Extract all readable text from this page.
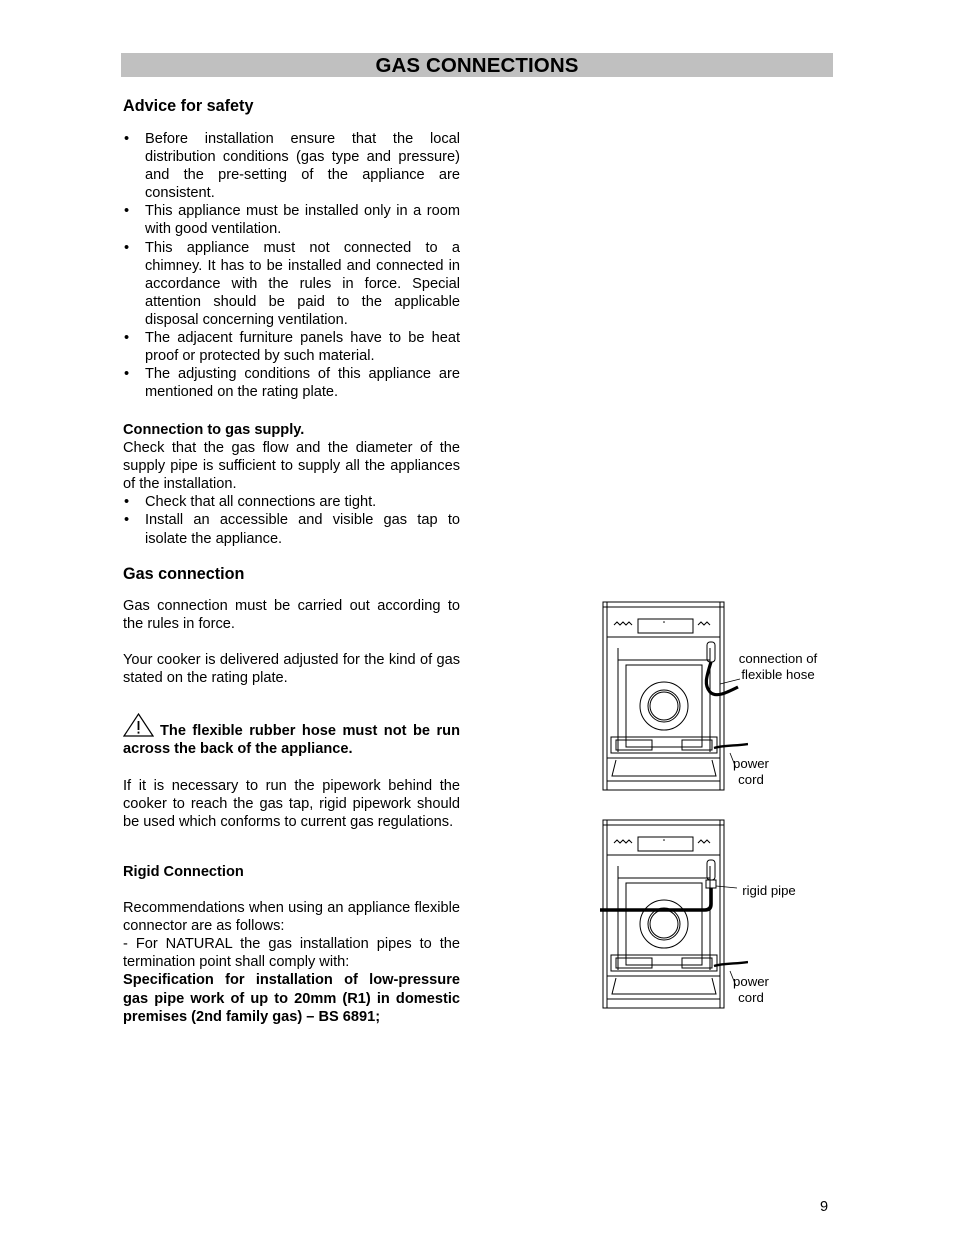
GAS CONNECTIONS
Advice for safety
• Before installation ensure that the local distribution conditions (gas type and pressure) and the pre-setting of the appliance are consistent.
• This appliance must be installed only in a room with good ventilation.
• This appliance must not connected to a chimney. It has to be installed and connected in accordance with the rules in force. Special attention should be paid to the applicable disposal concerning ventilation.
• The adjacent furniture panels have to be heat proof or protected by such material.
• The adjusting conditions of this appliance are mentioned on the rating plate.
Connection to gas supply.
Check that the gas flow and the diameter of the supply pipe is sufficient to supply all the appliances of the installation.
• Check that all connections are tight.
• Install an accessible and visible gas tap to isolate the appliance.
Gas connection
Gas connection must be carried out according to the rules in force.
Your cooker is delivered adjusted for the kind of gas stated on the rating plate.
The flexible rubber hose must not be run across the back of the appliance.
If it is necessary to run the pipework behind the cooker to reach the gas tap, rigid pipework should be used which conforms to current gas regulations.
Rigid Connection
Recommendations when using an appliance flexible connector are as follows:
- For NATURAL the gas installation pipes to the termination point shall comply with:
Specification for installation of low-pressure gas pipe work of up to 20mm (R1) in domestic premises (2nd family gas) – BS 6891;
connection of flexible hose
power cord
rigid pipe
power cord
9
